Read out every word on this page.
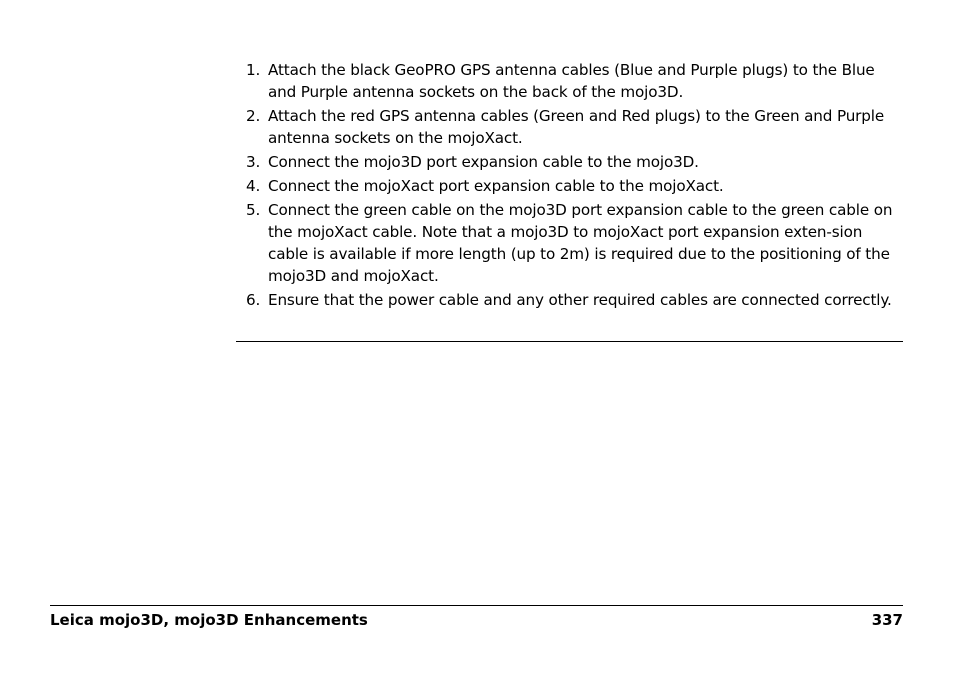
1. Attach the black GeoPRO GPS antenna cables (Blue and Purple plugs) to the Blue and Purple antenna sockets on the back of the mojo3D.
2. Attach the red GPS antenna cables (Green and Red plugs) to the Green and Purple antenna sockets on the mojoXact.
3. Connect the mojo3D port expansion cable to the mojo3D.
4. Connect the mojoXact port expansion cable to the mojoXact.
5. Connect the green cable on the mojo3D port expansion cable to the green cable on the mojoXact cable. Note that a mojo3D to mojoXact port expansion exten-sion cable is available if more length (up to 2m) is required due to the positioning of the mojo3D and mojoXact.
6. Ensure that the power cable and any other required cables are connected correctly.
Leica mojo3D, mojo3D Enhancements	337
